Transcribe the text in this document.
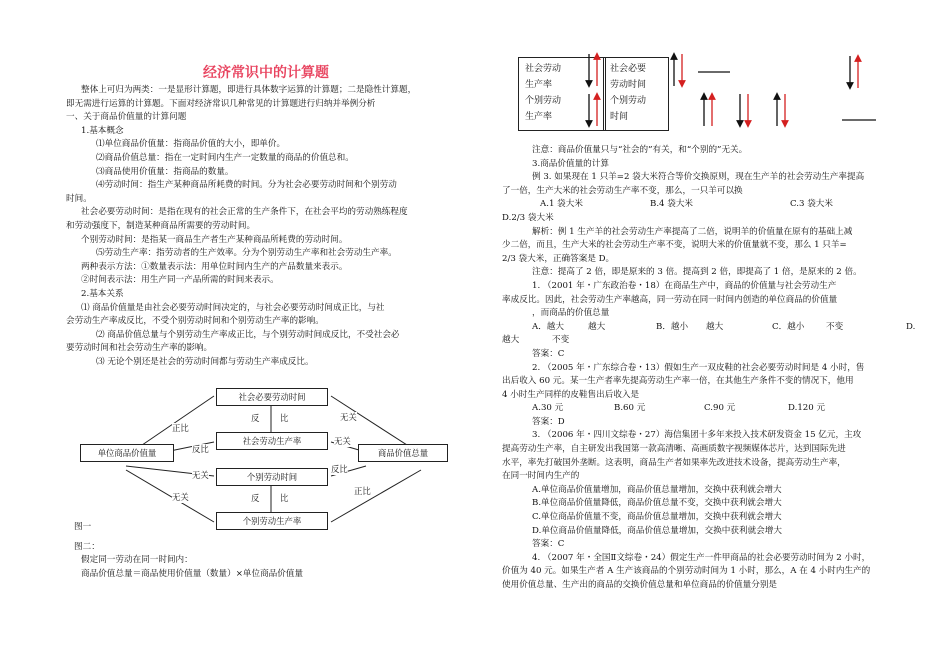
经济常识中的计算题

整体上可归为两类：一是显形计算题，即进行具体数字运算的计算题；二是隐性计算题，

即无需进行运算的计算题。下面对经济常识几种常见的计算题进行归纳并举例分析

一、关于商品价值量的计算问题

1.基本概念

⑴单位商品价值量：指商品价值的大小，即单价。

⑵商品价值总量：指在一定时间内生产一定数量的商品的价值总和。

⑶商品使用价值量：指商品的数量。

⑷劳动时间：指生产某种商品所耗费的时间。分为社会必要劳动时间和个别劳动

时间。

社会必要劳动时间：是指在现有的社会正常的生产条件下，在社会平均的劳动熟练程度

和劳动强度下，制造某种商品所需要的劳动时间。

个别劳动时间：是指某一商品生产者生产某种商品所耗费的劳动时间。

⑸劳动生产率：指劳动者的生产效率。分为个别劳动生产率和社会劳动生产率。

两种表示方法：①数量表示法：用单位时间内生产的产品数量来表示。

②时间表示法：用生产同一产品所需的时间来表示。

2.基本关系

⑴ 商品价值量是由社会必要劳动时间决定的，与社会必要劳动时间成正比，与社

会劳动生产率成反比，不受个别劳动时间和个别劳动生产率的影响。

⑵ 商品价值总量与个别劳动生产率成正比，与个别劳动时间成反比，不受社会必

要劳动时间和社会劳动生产率的影响。

⑶ 无论个别还是社会的劳动时间都与劳动生产率成反比。

单位商品价值量	商品价值总量
社会必要劳动时间
社会劳动生产率
个别劳动时间
个别劳动生产率
反 比
反 比
正比
反比
无关
无关
无关
无关
反比
正比

图一

图二：

假定同一劳动在同一时间内：

商品价值总量＝商品使用价值量（数量）×单位商品价值量

社会劳动
生产率
个别劳动
生产率
社会必要
劳动时间
个别劳动
时间

注意：商品价值量只与“社会的”有关，和“个别的”无关。

3.商品价值量的计算

例 3. 如果现在 1 只羊=2 袋大米符合等价交换原则，现在生产羊的社会劳动生产率提高

了一倍，生产大米的社会劳动生产率不变，那么，一只羊可以换

A.1 袋大米	B.4 袋大米	C.3 袋大米

D.2/3 袋大米

解析：例 1 生产羊的社会劳动生产率提高了二倍，说明羊的价值量在原有的基础上减

少二倍，而且，生产大米的社会劳动生产率不变，说明大米的价值量就不变，那么 1 只羊=

2/3 袋大米，正确答案是 D。

注意：提高了 2 倍，即是原来的 3 倍。提高到 2 倍，即提高了 1 倍，是原来的 2 倍。

1. （2001 年・广东政治卷・18）在商品生产中，商品的价值量与社会劳动生产

率成反比。因此，社会劳动生产率越高，同一劳动在同一时间内创造的单位商品的价值量

，而商品的价值总量

A．越大	越大	B．越小	越大	C．越小	不变	D.
越大	不变

答案：C

2. （2005 年・广东综合卷・13）假如生产一双皮鞋的社会必要劳动时间是 4 小时，售

出后收入 60 元。某一生产者率先提高劳动生产率一倍，在其他生产条件不变的情况下，他用

4 小时生产同样的皮鞋售出后收入是

A.30 元	B.60 元	C.90 元	D.120 元

答案：D

3. （2006 年・四川文综卷・27）海信集团十多年来投入技术研发资金 15 亿元，主攻

提高劳动生产率，自主研发出我国第一款高清晰、高画质数字视频媒体芯片，达到国际先进

水平，率先打破国外垄断。这表明，商品生产者如果率先改进技术设备，提高劳动生产率，

在同一时间内生产的

A.单位商品价值量增加，商品价值总量增加，交换中获利就会增大

B.单位商品价值量降低，商品价值总量不变，交换中获利就会增大

C.单位商品价值量不变，商品价值总量增加，交换中获利就会增大

D.单位商品价值量降低，商品价值总量增加，交换中获利就会增大

答案：C

4. （2007 年・全国Ⅱ文综卷・24）假定生产一件甲商品的社会必要劳动时间为 2 小时，

价值为 40 元。如果生产者 A 生产该商品的个别劳动时间为 1 小时，那么，A 在 4 小时内生产的

使用价值总量、生产出的商品的交换价值总量和单位商品的价值量分别是
